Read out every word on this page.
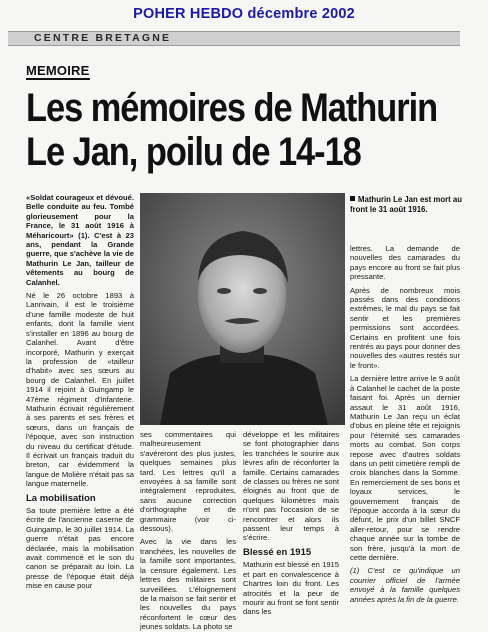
POHER HEBDO décembre 2002
CENTRE BRETAGNE
MEMOIRE
Les mémoires de Mathurin
Le Jan, poilu de 14-18

«Soldat courageux et dévoué. Belle conduite au feu. Tombé glorieusement pour la France, le 31 août 1916 à Méharicourt» (1). C'est à 23 ans, pendant la Grande guerre, que s'achève la vie de Mathurin Le Jan, tailleur de vêtements au bourg de Calanhel.

Né le 26 octobre 1893 à Lanrivain, il est le troisième d'une famille modeste de huit enfants, dont la famille vient s'installer en 1896 au bourg de Calanhel. Avant d'être incorporé, Mathurin y exerçait la profession de «tailleur d'habit» avec ses sœurs au bourg de Calanhel. En juillet 1914 il rejoint à Guingamp le 47ème régiment d'infanterie. Mathurin écrivait régulièrement à ses parents et ses frères et sœurs, dans un français de l'époque, avec son instruction du niveau du certificat d'étude. Il écrivait un français traduit du breton, car évidemment la langue de Molière n'était pas sa langue maternelle.

La mobilisation

Sa toute première lettre a été écrite de l'ancienne caserne de Guingamp, le 30 juillet 1914. La guerre n'était pas encore déclarée, mais la mobilisation avait commencé et le son du canon se préparait au loin. La presse de l'époque était déjà mise en cause pour

Mathurin Le Jan est mort au front le 31 août 1916.

ses commentaires qui malheureusement s'avéreront des plus justes, quelques semaines plus tard. Les lettres qu'il a envoyées à sa famille sont intégralement reproduites, sans aucune correction d'orthographe et de grammaire (voir ci-dessous).

Avec la vie dans les tranchées, les nouvelles de la famille sont importantes, la censure également. Les lettres des militaires sont surveillées. L'éloignement de la maison se fait sentir et les nouvelles du pays réconfortent le cœur des jeunes soldats. La photo se

développe et les militaires se font photographier dans les tranchées le sourire aux lèvres afin de réconforter la famille. Certains camarades de classes ou frères ne sont éloignés au front que de quelques kilomètres mais n'ont pas l'occasion de se rencontrer et alors ils passent leur temps à s'écrire.

Blessé en 1915

Mathurin est blessé en 1915 et part en convalescence à Chartres loin du front. Les atrocités et la peur de mourir au front se font sentir dans les

lettres. La demande de nouvelles des camarades du pays encore au front se fait plus pressante.

Après de nombreux mois passés dans des conditions extrêmes, le mal du pays se fait sentir et les premières permissions sont accordées. Certains en profitent une fois rentrés au pays pour donner des nouvelles des «autres restés sur le front».

La dernière lettre arrive le 9 août à Calanhel le cachet de la poste faisant foi. Après un dernier assaut le 31 août 1916, Mathurin Le Jan reçu un éclat d'obus en pleine tête et rejoignis pour l'éternité ses camarades morts au combat. Son corps repose avec d'autres soldats dans un petit cimetière rempli de croix blanches dans la Somme. En remerciement de ses bons et loyaux services, le gouvernement français de l'époque accorda à la sœur du défunt, le prix d'un billet SNCF aller-retour, pour se rendre chaque année sur la tombe de son frère, jusqu'à la mort de cette dernière.

(1) C'est ce qu'indique un courrier officiel de l'armée envoyé à la famille quelques années après la fin de la guerre.
